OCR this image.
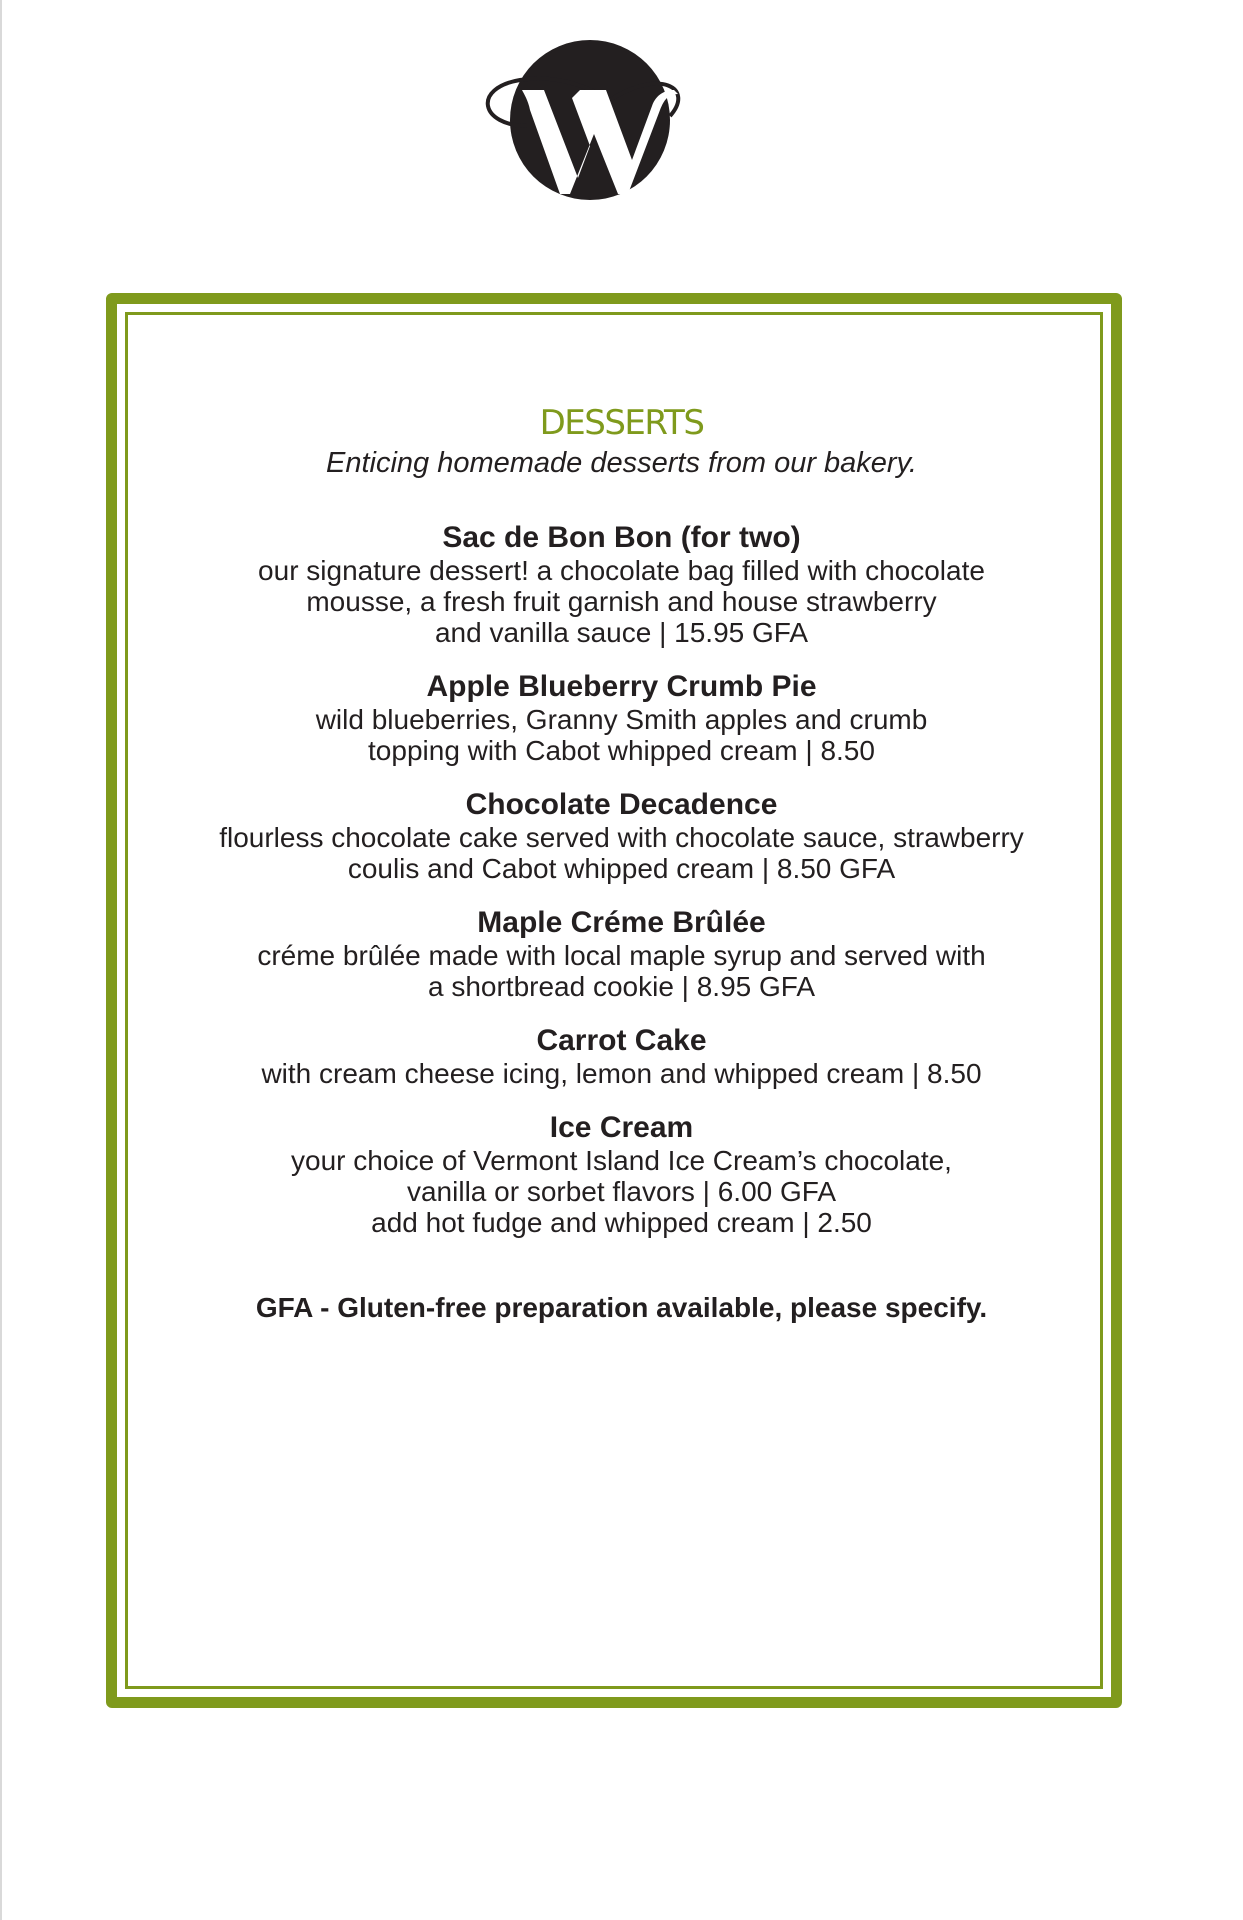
DESSERTS
Enticing homemade desserts from our bakery.
Sac de Bon Bon (for two)
our signature dessert! a chocolate bag filled with chocolate
mousse, a fresh fruit garnish and house strawberry
and vanilla sauce | 15.95 GFA
Apple Blueberry Crumb Pie
wild blueberries, Granny Smith apples and crumb
topping with Cabot whipped cream | 8.50
Chocolate Decadence
flourless chocolate cake served with chocolate sauce, strawberry
coulis and Cabot whipped cream | 8.50 GFA
Maple Créme Brûlée
créme brûlée made with local maple syrup and served with
a shortbread cookie | 8.95 GFA
Carrot Cake
with cream cheese icing, lemon and whipped cream | 8.50
Ice Cream
your choice of Vermont Island Ice Cream’s chocolate,
vanilla or sorbet flavors | 6.00 GFA
add hot fudge and whipped cream | 2.50
GFA - Gluten-free preparation available, please specify.
